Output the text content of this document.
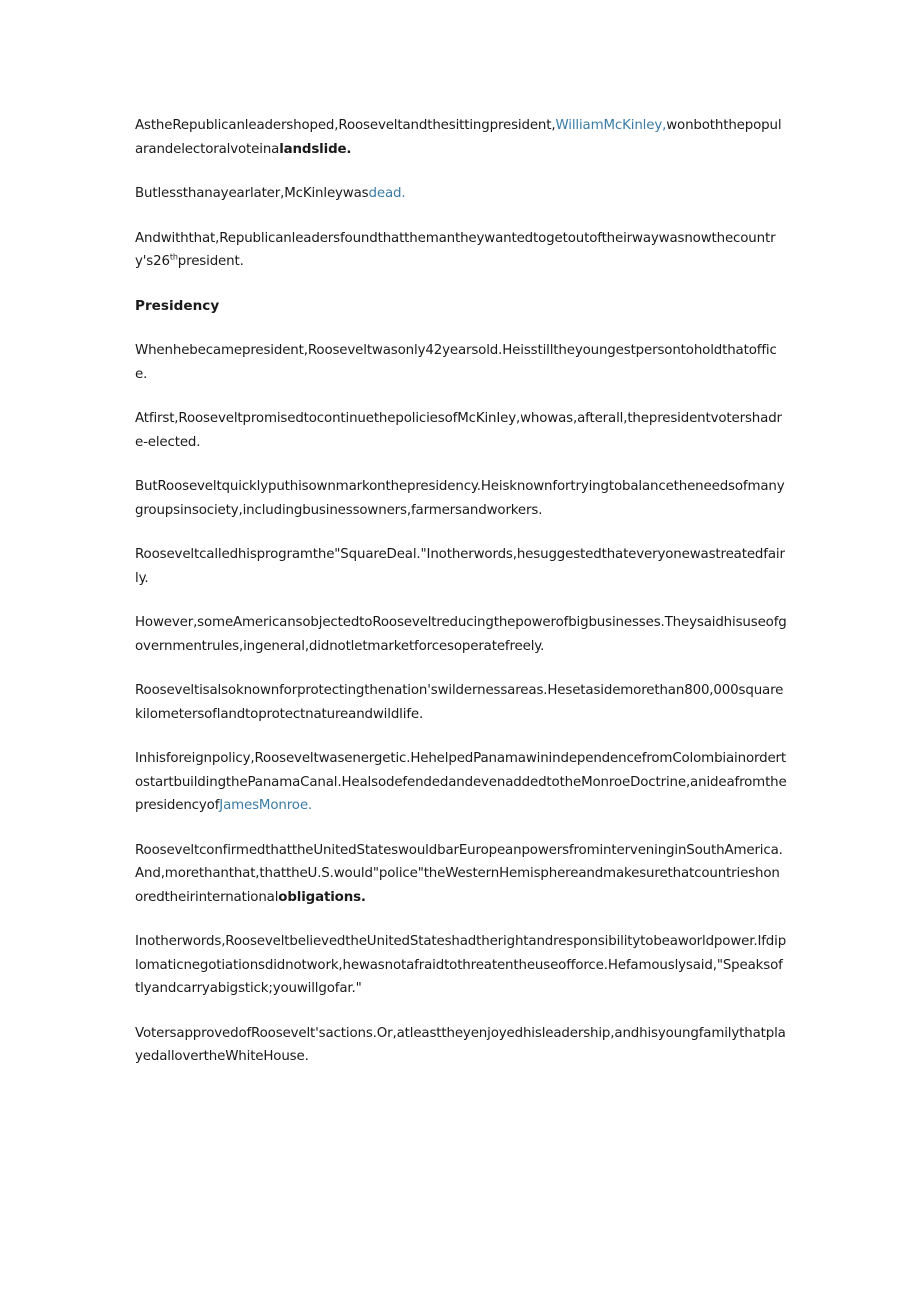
AstheRepublicanleadershoped,Rooseveltandthesittingpresident,WilliamMcKinley,wonboththepopularandelectoralvoteinalandslide.

Butlessthanayearlater,McKinleywasdead.

Andwiththat,Republicanleadersfoundthatthemantheywantedtogetoutoftheirwaywasnowthecountry's26thpresident.

Presidency

Whenhebecamepresident,Rooseveltwasonly42yearsold.Heisstilltheyoungestpersontoholdthatoffice.

Atfirst,RooseveltpromisedtocontinuethepoliciesofMcKinIey,whowas,afterall,thepresidentvotershadre-elected.

ButRooseveltquicklyputhisownmarkonthepresidency.Heisknownfortryingtobalancetheneedsofmanygroupsinsociety,includingbusinessowners,farmersandworkers.

Rooseveltcalledhisprogramthe"SquareDeal."Inotherwords,hesuggestedthateveryonewastreatedfairly.

However,someAmericansobjectedtoRooseveltreducingthepowerofbigbusinesses.Theysaidhisuseofgovernmentrules,ingeneral,didnotletmarketforcesoperatefreely.

Rooseveltisalsoknownforprotectingthenation'swildernessareas.Hesetasidemorethan800,000squarekilometersoflandtoprotectnatureandwildlife.

Inhisforeignpolicy,Rooseveltwasenergetic.HehelpedPanamawinindependencefromColombiainordertostartbuildingthePanamaCanal.HealsodefendedandevenaddedtotheMonroeDoctrine,anideafromthepresidencyofJamesMonroe.

RooseveltconfirmedthattheUnitedStateswouldbarEuropeanpowersfrominterveninginSouthAmerica.And,morethanthat,thattheU.S.would"police"theWesternHemisphereandmakesurethatcountrieshonoredtheirinternationalobligations.

Inotherwords,RooseveltbelievedtheUnitedStateshadtherightandresponsibilitytobeaworldpower.Ifdiplomaticnegotiationsdidnotwork,hewasnotafraidtothreatentheuseofforce.Hefamouslysaid,"Speaksoftlyandcarryabigstick;youwillgofar."

VotersapprovedofRoosevelt'sactions.Or,atleasttheyenjoyedhisleadership,andhisyoungfamilythatplayedallovertheWhiteHouse.
